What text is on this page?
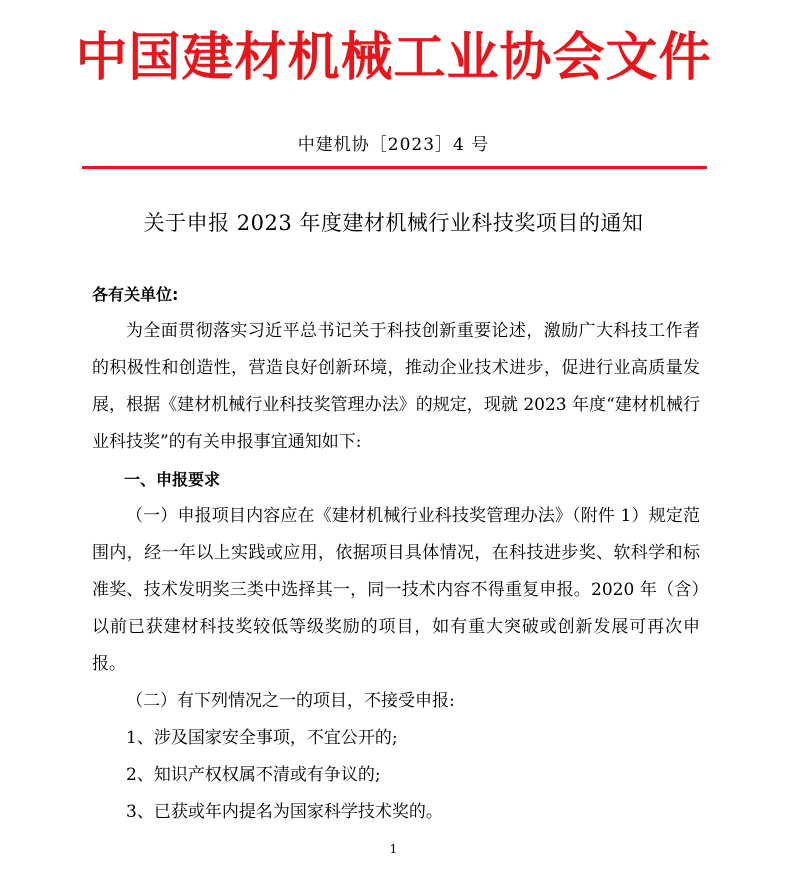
中国建材机械工业协会文件
中建机协［2023］4 号
关于申报 2023 年度建材机械行业科技奖项目的通知

各有关单位:

为全面贯彻落实习近平总书记关于科技创新重要论述，激励广大科技工作者的积极性和创造性，营造良好创新环境，推动企业技术进步，促进行业高质量发展，根据《建材机械行业科技奖管理办法》的规定，现就 2023 年度“建材机械行业科技奖”的有关申报事宜通知如下:

一、申报要求

（一）申报项目内容应在《建材机械行业科技奖管理办法》（附件 1）规定范围内，经一年以上实践或应用，依据项目具体情况，在科技进步奖、软科学和标准奖、技术发明奖三类中选择其一，同一技术内容不得重复申报。2020 年（含）以前已获建材科技奖较低等级奖励的项目，如有重大突破或创新发展可再次申报。

（二）有下列情况之一的项目，不接受申报:

1、涉及国家安全事项，不宜公开的;

2、知识产权权属不清或有争议的;

3、已获或年内提名为国家科学技术奖的。

1
